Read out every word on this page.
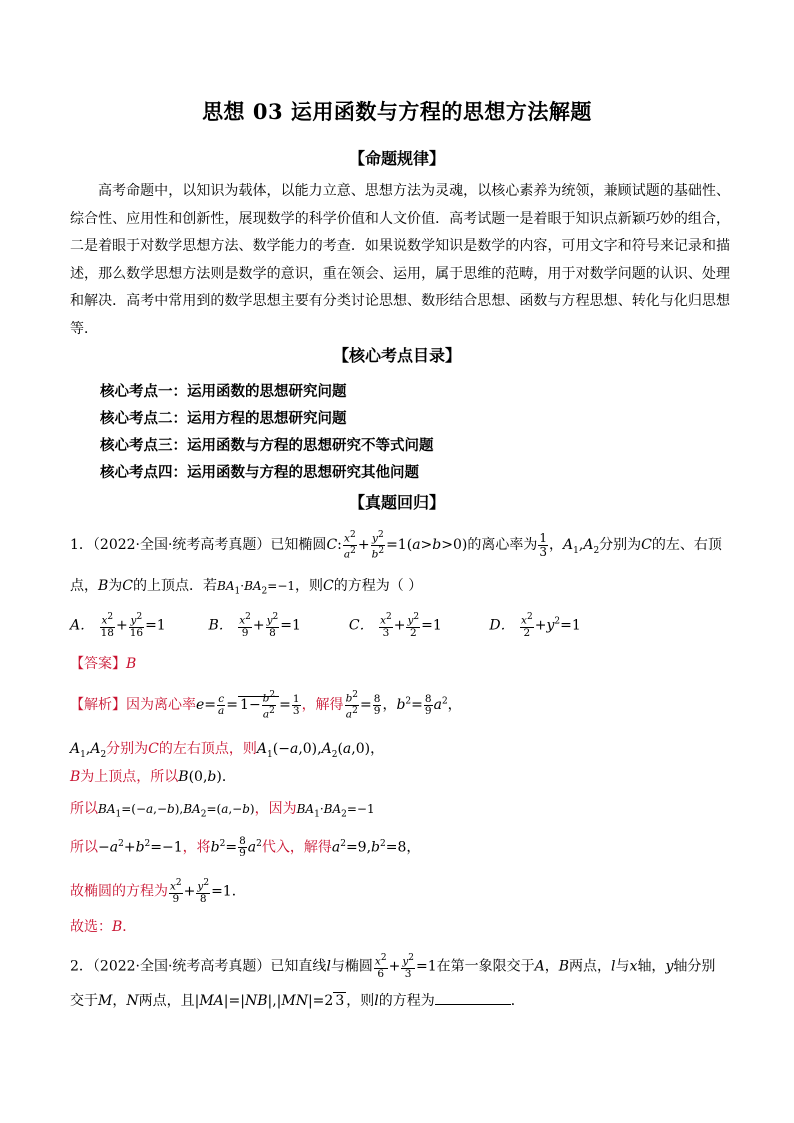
思想 03 运用函数与方程的思想方法解题
【命题规律】
高考命题中，以知识为载体，以能力立意、思想方法为灵魂，以核心素养为统领，兼顾试题的基础性、综合性、应用性和创新性，展现数学的科学价值和人文价值．高考试题一是着眼于知识点新颖巧妙的组合，二是着眼于对数学思想方法、数学能力的考查．如果说数学知识是数学的内容，可用文字和符号来记录和描述，那么数学思想方法则是数学的意识，重在领会、运用，属于思维的范畴，用于对数学问题的认识、处理和解决．高考中常用到的数学思想主要有分类讨论思想、数形结合思想、函数与方程思想、转化与化归思想等．
【核心考点目录】
核心考点一：运用函数的思想研究问题
核心考点二：运用方程的思想研究问题
核心考点三：运用函数与方程的思想研究不等式问题
核心考点四：运用函数与方程的思想研究其他问题
【真题回归】
1．（2022·全国·统考高考真题）已知椭圆C: $\frac{x^2}{a^2} + \frac{y^2}{b^2} =1(a>b>0)$的离心率为 $\frac{1}{3}$ ，$A_1,A_2$分别为C的左、右顶
点，B为C的上顶点．若$BA_1\cdot BA_2=-1$，则C的方程为（ ）
A． $\frac{x^2}{18} + \frac{y^2}{16} =1$	B． $\frac{x^2}{9} + \frac{y^2}{8} =1$	C． $\frac{x^2}{3} + \frac{y^2}{2} =1$	D． $\frac{x^2}{2} +y^2=1$
【答案】B
【解析】因为离心率$e= \frac{c}{a} = 1- \frac{b^2}{a^2} = \frac{1}{3}$ ，解得 $\frac{b^2}{a^2} = \frac{8}{9}$ ，$b^2= \frac{8}{9} a^2$，
$A_1,A_2$分别为C的左右顶点，则$A_1(-a,0),A_2(a,0)$，
B为上顶点，所以B(0,b)．
所以$BA_1=(-a,-b),BA_2=(a,-b)$，因为$BA_1\cdot BA_2=-1$
所以$-a^2+b^2=-1$，将$b^2= \frac{8}{9} a^2$代入，解得$a^2=9,b^2=8$，
故椭圆的方程为 $\frac{x^2}{9} + \frac{y^2}{8} =1$．
故选：B．
2．（2022·全国·统考高考真题）已知直线l与椭圆 $\frac{x^2}{6} + \frac{y^2}{3} =1$在第一象限交于A，B两点，l与x轴，y轴分别
交于M，N两点，且|MA|=|NB|,|MN|=2 3 ，则l的方程为	．
